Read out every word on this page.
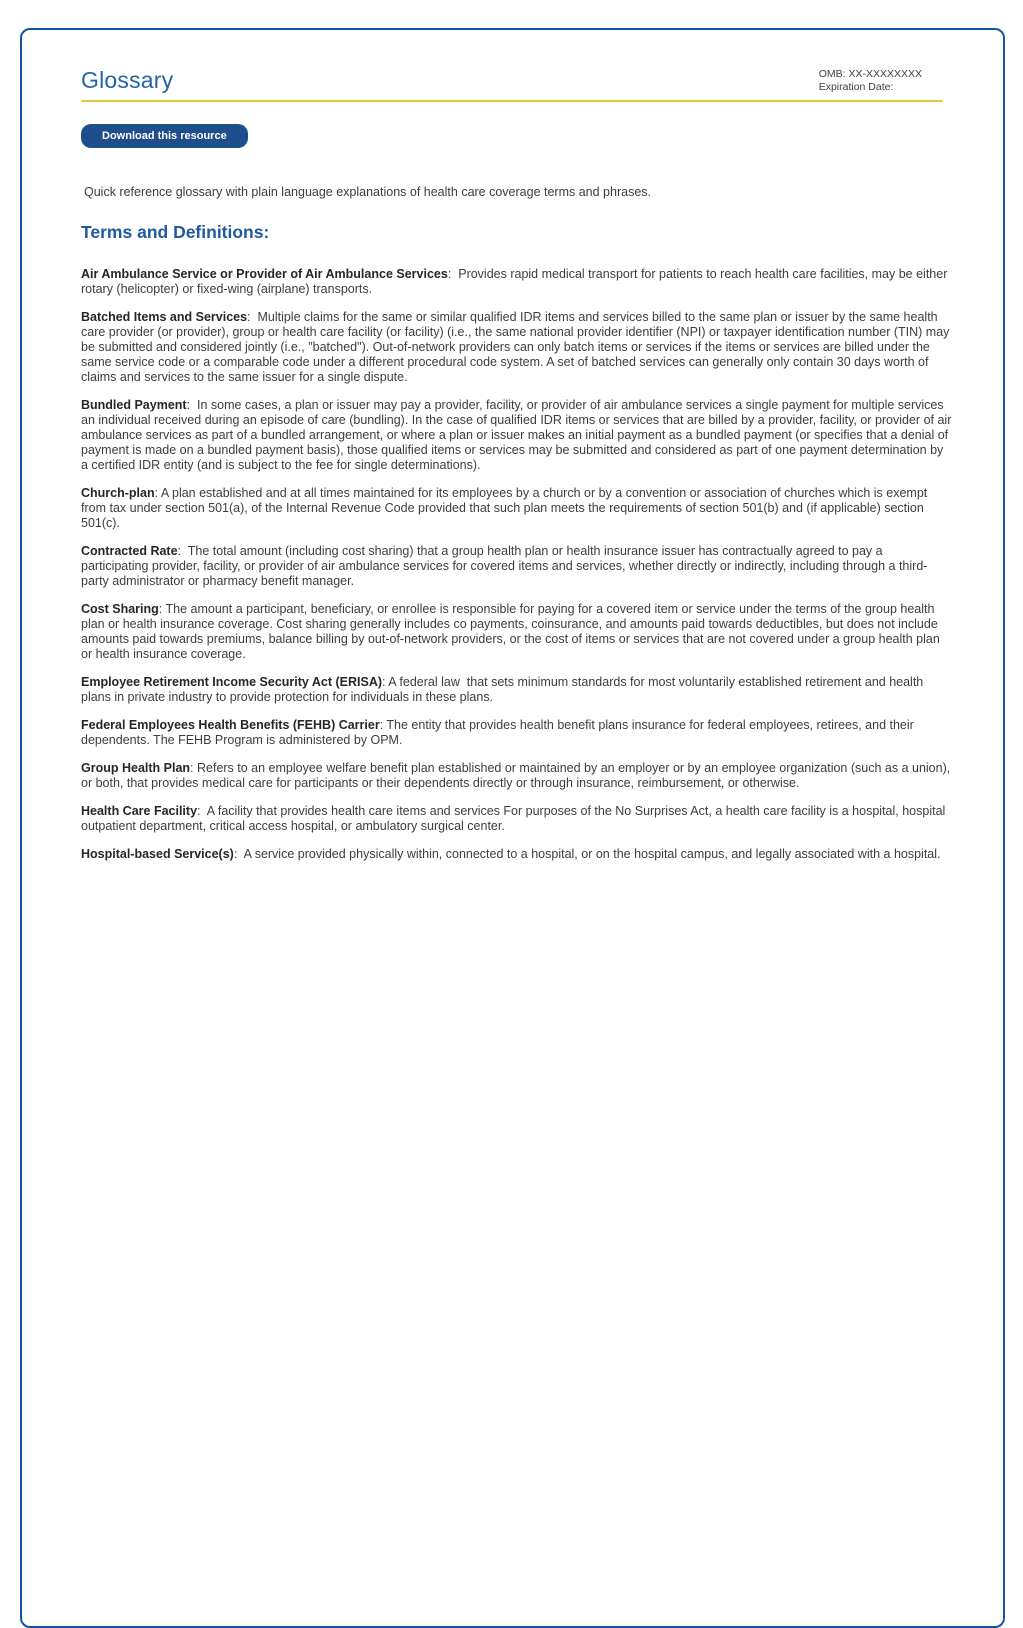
Glossary	OMB: XX-XXXXXXXX
Expiration Date:
Download this resource

Quick reference glossary with plain language explanations of health care coverage terms and phrases.

Terms and Definitions:

Air Ambulance Service or Provider of Air Ambulance Services:  Provides rapid medical transport for patients to reach health care facilities, may be either rotary (helicopter) or fixed-wing (airplane) transports.

Batched Items and Services:  Multiple claims for the same or similar qualified IDR items and services billed to the same plan or issuer by the same health care provider (or provider), group or health care facility (or facility) (i.e., the same national provider identifier (NPI) or taxpayer identification number (TIN) may be submitted and considered jointly (i.e., "batched"). Out-of-network providers can only batch items or services if the items or services are billed under the same service code or a comparable code under a different procedural code system. A set of batched services can generally only contain 30 days worth of claims and services to the same issuer for a single dispute.

Bundled Payment:  In some cases, a plan or issuer may pay a provider, facility, or provider of air ambulance services a single payment for multiple services an individual received during an episode of care (bundling). In the case of qualified IDR items or services that are billed by a provider, facility, or provider of air ambulance services as part of a bundled arrangement, or where a plan or issuer makes an initial payment as a bundled payment (or specifies that a denial of payment is made on a bundled payment basis), those qualified items or services may be submitted and considered as part of one payment determination by a certified IDR entity (and is subject to the fee for single determinations).

Church-plan: A plan established and at all times maintained for its employees by a church or by a convention or association of churches which is exempt from tax under section 501(a), of the Internal Revenue Code provided that such plan meets the requirements of section 501(b) and (if applicable) section 501(c).

Contracted Rate:  The total amount (including cost sharing) that a group health plan or health insurance issuer has contractually agreed to pay a participating provider, facility, or provider of air ambulance services for covered items and services, whether directly or indirectly, including through a third-party administrator or pharmacy benefit manager.

Cost Sharing: The amount a participant, beneficiary, or enrollee is responsible for paying for a covered item or service under the terms of the group health plan or health insurance coverage. Cost sharing generally includes co payments, coinsurance, and amounts paid towards deductibles, but does not include amounts paid towards premiums, balance billing by out-of-network providers, or the cost of items or services that are not covered under a group health plan or health insurance coverage.

Employee Retirement Income Security Act (ERISA): A federal law  that sets minimum standards for most voluntarily established retirement and health plans in private industry to provide protection for individuals in these plans.

Federal Employees Health Benefits (FEHB) Carrier: The entity that provides health benefit plans insurance for federal employees, retirees, and their dependents. The FEHB Program is administered by OPM.

Group Health Plan: Refers to an employee welfare benefit plan established or maintained by an employer or by an employee organization (such as a union), or both, that provides medical care for participants or their dependents directly or through insurance, reimbursement, or otherwise.

Health Care Facility:  A facility that provides health care items and services For purposes of the No Surprises Act, a health care facility is a hospital, hospital outpatient department, critical access hospital, or ambulatory surgical center.

Hospital-based Service(s):  A service provided physically within, connected to a hospital, or on the hospital campus, and legally associated with a hospital.
